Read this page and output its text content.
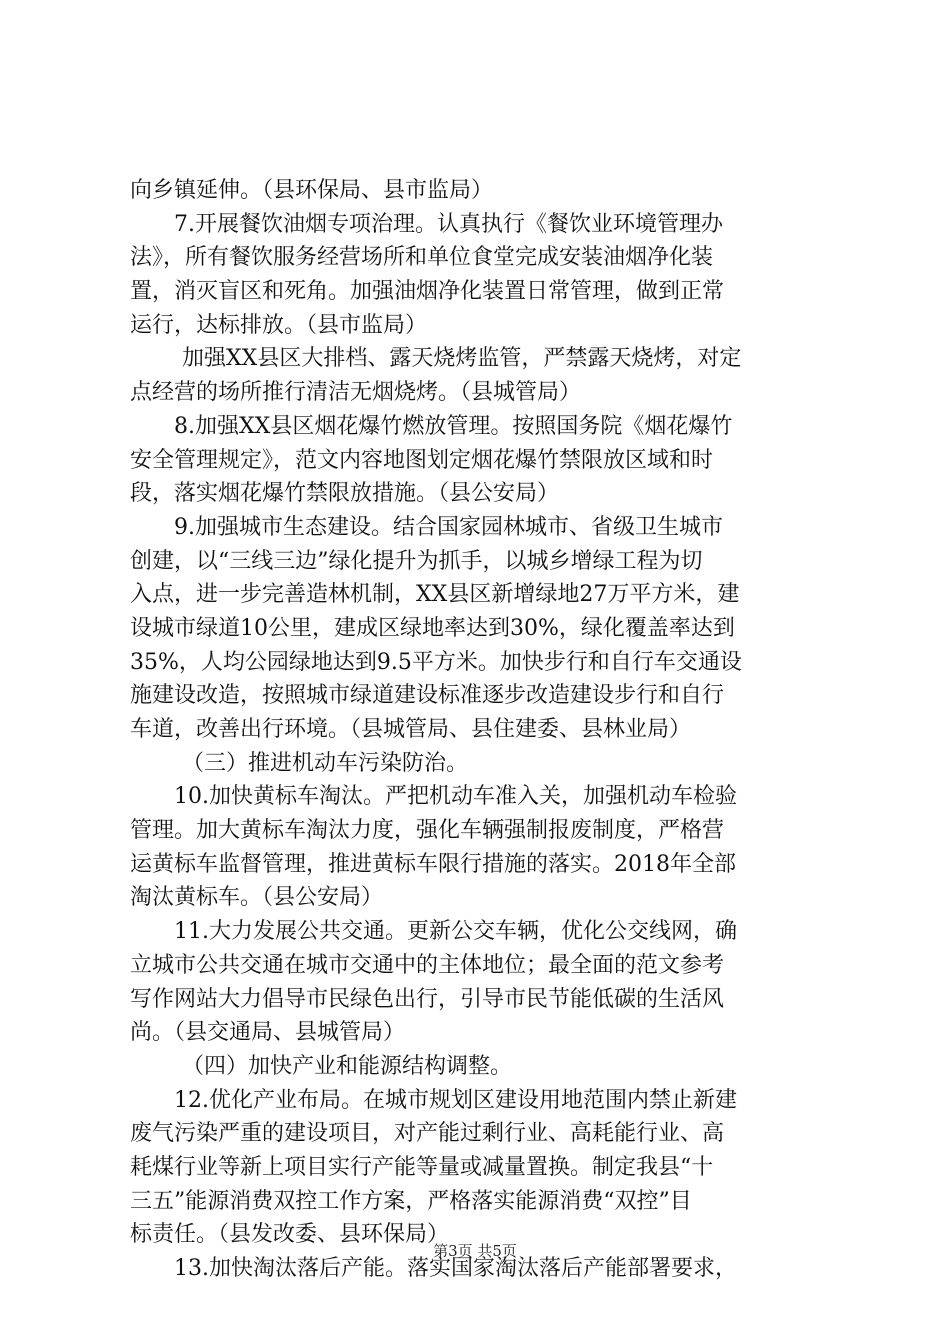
向乡镇延伸。（县环保局、县市监局）
7.开展餐饮油烟专项治理。认真执行《餐饮业环境管理办
法》，所有餐饮服务经营场所和单位食堂完成安装油烟净化装
置，消灭盲区和死角。加强油烟净化装置日常管理，做到正常
运行，达标排放。（县市监局）
加强XX县区大排档、露天烧烤监管，严禁露天烧烤，对定
点经营的场所推行清洁无烟烧烤。（县城管局）
8.加强XX县区烟花爆竹燃放管理。按照国务院《烟花爆竹
安全管理规定》，范文内容地图划定烟花爆竹禁限放区域和时
段，落实烟花爆竹禁限放措施。（县公安局）
9.加强城市生态建设。结合国家园林城市、省级卫生城市
创建，以“三线三边”绿化提升为抓手，以城乡增绿工程为切
入点，进一步完善造林机制，XX县区新增绿地27万平方米，建
设城市绿道10公里，建成区绿地率达到30%，绿化覆盖率达到
35%，人均公园绿地达到9.5平方米。加快步行和自行车交通设
施建设改造，按照城市绿道建设标准逐步改造建设步行和自行
车道，改善出行环境。（县城管局、县住建委、县林业局）
（三）推进机动车污染防治。
10.加快黄标车淘汰。严把机动车准入关，加强机动车检验
管理。加大黄标车淘汰力度，强化车辆强制报废制度，严格营
运黄标车监督管理，推进黄标车限行措施的落实。2018年全部
淘汰黄标车。（县公安局）
11.大力发展公共交通。更新公交车辆，优化公交线网，确
立城市公共交通在城市交通中的主体地位；最全面的范文参考
写作网站大力倡导市民绿色出行，引导市民节能低碳的生活风
尚。（县交通局、县城管局）
（四）加快产业和能源结构调整。
12.优化产业布局。在城市规划区建设用地范围内禁止新建
废气污染严重的建设项目，对产能过剩行业、高耗能行业、高
耗煤行业等新上项目实行产能等量或减量置换。制定我县“十
三五”能源消费双控工作方案，严格落实能源消费“双控”目
标责任。（县发改委、县环保局）
13.加快淘汰落后产能。落实国家淘汰落后产能部署要求，
第3页 共5页
